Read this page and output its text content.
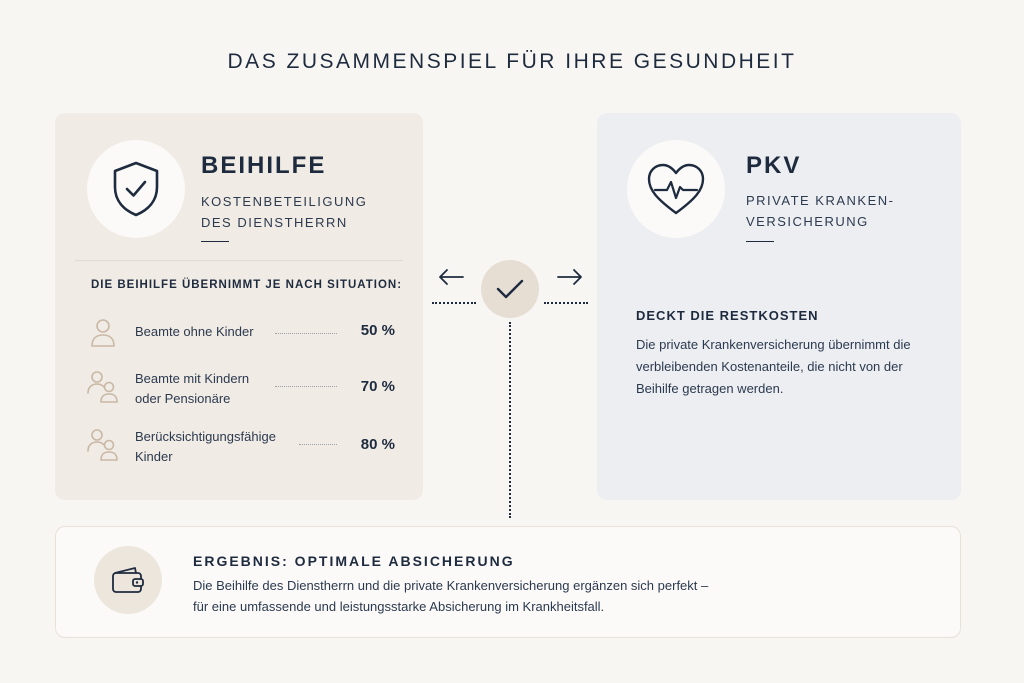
DAS ZUSAMMENSPIEL FÜR IHRE GESUNDHEIT
BEIHILFE
KOSTENBETEILIGUNG
DES DIENSTHERRN
DIE BEIHILFE ÜBERNIMMT JE NACH SITUATION:
Beamte ohne Kinder	50 %
Beamte mit Kindern
oder Pensionäre
70 %
Berücksichtigungsfähige
Kinder
80 %
PKV
PRIVATE KRANKEN-
VERSICHERUNG
DECKT DIE RESTKOSTEN
Die private Krankenversicherung übernimmt die verbleibenden Kostenanteile, die nicht von der Beihilfe getragen werden.
ERGEBNIS: OPTIMALE ABSICHERUNG
Die Beihilfe des Dienstherrn und die private Krankenversicherung ergänzen sich perfekt –
für eine umfassende und leistungsstarke Absicherung im Krankheitsfall.
